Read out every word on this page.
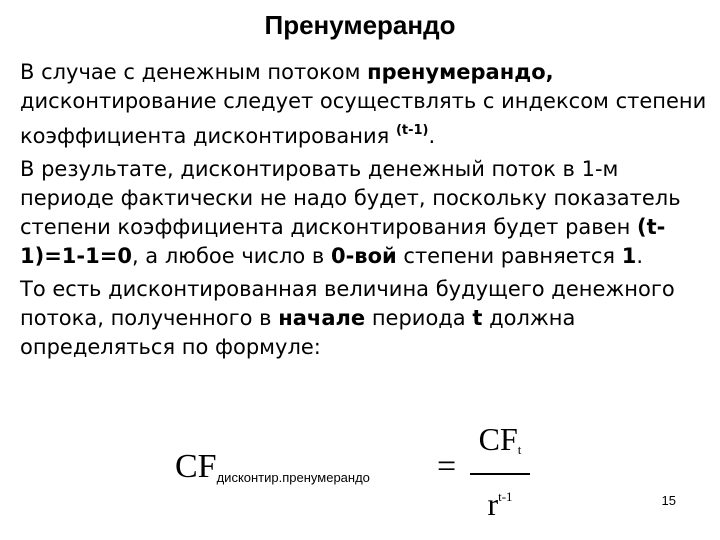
Пренумерандо

В случае с денежным потоком пренумерандо, дисконтирование следует осуществлять с индексом степени коэффициента дисконтирования $^{(t-1)}$.

В результате, дисконтировать денежный поток в 1-м периоде фактически не надо будет, поскольку показатель степени коэффициента дисконтирования будет равен (t-1)=1-1=0, а любое число в 0-вой степени равняется 1.

То есть дисконтированная величина будущего денежного потока, полученного в начале периода t должна определяться по формуле:

CFдисконтир.пренумерандо =
CFt
$r^{t-1}$	15
